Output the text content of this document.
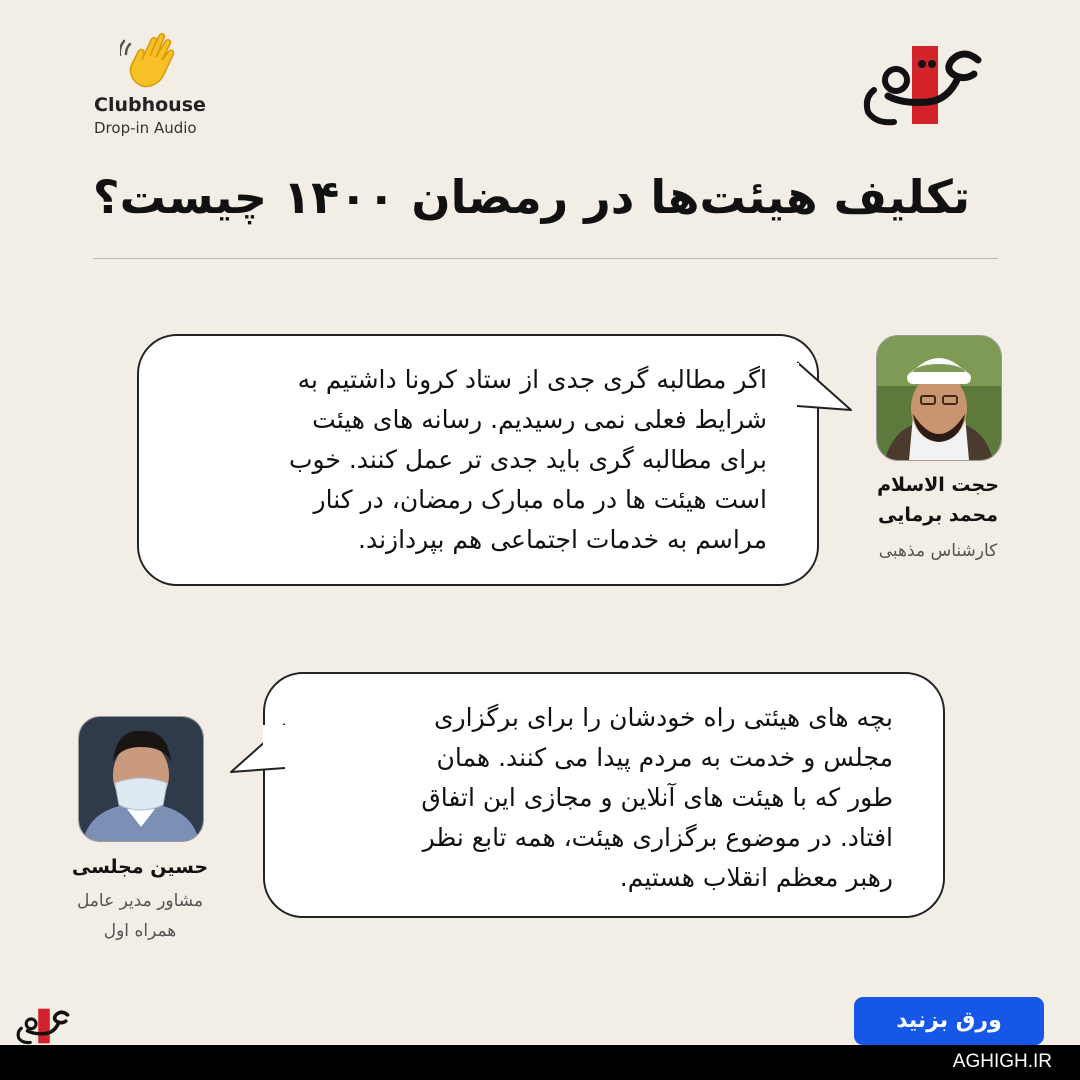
Clubhouse
Drop-in Audio
تکلیف هیئت‌ها در رمضان ۱۴۰۰ چیست؟
اگر مطالبه گری جدی از ستاد کرونا داشتیم به
شرایط فعلی نمی رسیدیم. رسانه های هیئت
برای مطالبه گری باید جدی تر عمل کنند. خوب
است هیئت ها در ماه مبارک رمضان، در کنار
مراسم به خدمات اجتماعی هم بپردازند.
حجت الاسلام
محمد برمایی
کارشناس مذهبی
بچه های هیئتی راه خودشان را برای برگزاری
مجلس و خدمت به مردم پیدا می کنند. همان
طور که با هیئت های آنلاین و مجازی این اتفاق
افتاد. در موضوع برگزاری هیئت، همه تابع نظر
رهبر معظم انقلاب هستیم.
حسین مجلسی
مشاور مدیر عامل
همراه اول
ورق بزنید
AGHIGH.IR
